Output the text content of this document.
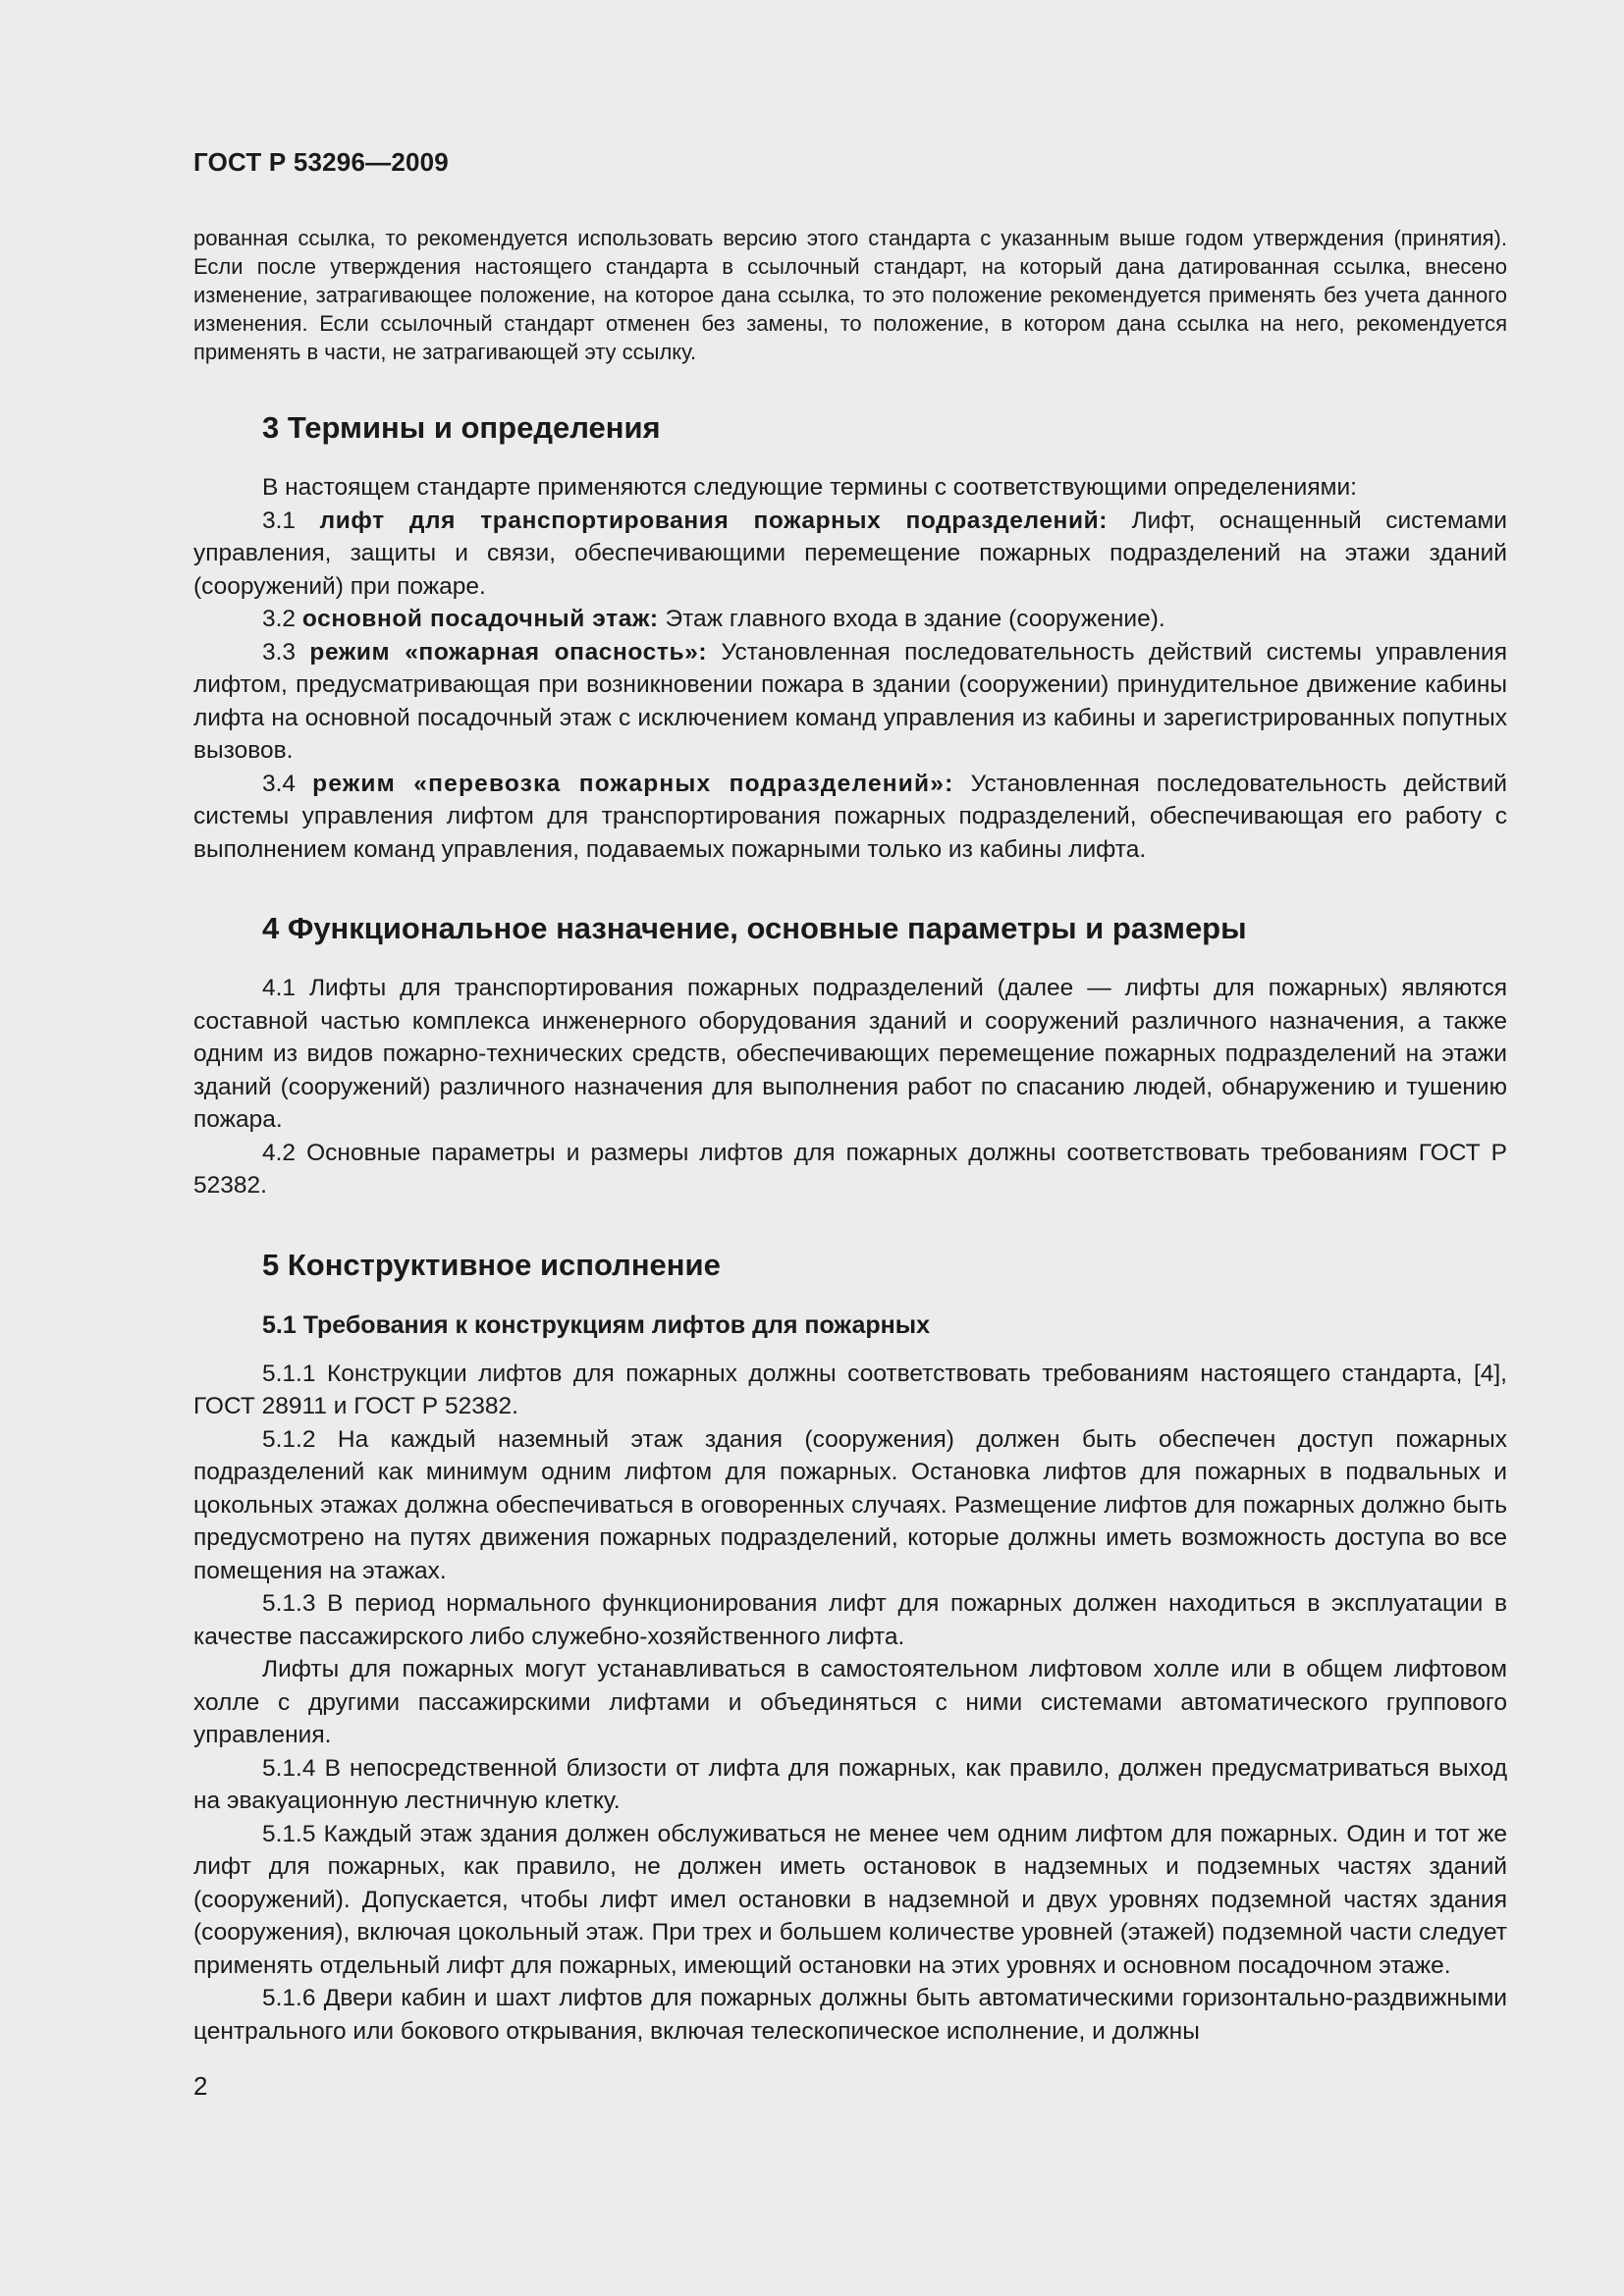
ГОСТ Р 53296—2009

рованная ссылка, то рекомендуется использовать версию этого стандарта с указанным выше годом утверждения (принятия). Если после утверждения настоящего стандарта в ссылочный стандарт, на который дана датированная ссылка, внесено изменение, затрагивающее положение, на которое дана ссылка, то это положение рекомендуется применять без учета данного изменения. Если ссылочный стандарт отменен без замены, то положение, в котором дана ссылка на него, рекомендуется применять в части, не затрагивающей эту ссылку.

3 Термины и определения

В настоящем стандарте применяются следующие термины с соответствующими определениями:

3.1 лифт для транспортирования пожарных подразделений: Лифт, оснащенный системами управления, защиты и связи, обеспечивающими перемещение пожарных подразделений на этажи зданий (сооружений) при пожаре.

3.2 основной посадочный этаж: Этаж главного входа в здание (сооружение).

3.3 режим «пожарная опасность»: Установленная последовательность действий системы управления лифтом, предусматривающая при возникновении пожара в здании (сооружении) принудительное движение кабины лифта на основной посадочный этаж с исключением команд управления из кабины и зарегистрированных попутных вызовов.

3.4 режим «перевозка пожарных подразделений»: Установленная последовательность действий системы управления лифтом для транспортирования пожарных подразделений, обеспечивающая его работу с выполнением команд управления, подаваемых пожарными только из кабины лифта.

4 Функциональное назначение, основные параметры и размеры

4.1 Лифты для транспортирования пожарных подразделений (далее — лифты для пожарных) являются составной частью комплекса инженерного оборудования зданий и сооружений различного назначения, а также одним из видов пожарно-технических средств, обеспечивающих перемещение пожарных подразделений на этажи зданий (сооружений) различного назначения для выполнения работ по спасанию людей, обнаружению и тушению пожара.

4.2 Основные параметры и размеры лифтов для пожарных должны соответствовать требованиям ГОСТ Р 52382.

5 Конструктивное исполнение
5.1 Требования к конструкциям лифтов для пожарных

5.1.1 Конструкции лифтов для пожарных должны соответствовать требованиям настоящего стандарта, [4], ГОСТ 28911 и ГОСТ Р 52382.

5.1.2 На каждый наземный этаж здания (сооружения) должен быть обеспечен доступ пожарных подразделений как минимум одним лифтом для пожарных. Остановка лифтов для пожарных в подвальных и цокольных этажах должна обеспечиваться в оговоренных случаях. Размещение лифтов для пожарных должно быть предусмотрено на путях движения пожарных подразделений, которые должны иметь возможность доступа во все помещения на этажах.

5.1.3 В период нормального функционирования лифт для пожарных должен находиться в эксплуатации в качестве пассажирского либо служебно-хозяйственного лифта.

Лифты для пожарных могут устанавливаться в самостоятельном лифтовом холле или в общем лифтовом холле с другими пассажирскими лифтами и объединяться с ними системами автоматического группового управления.

5.1.4 В непосредственной близости от лифта для пожарных, как правило, должен предусматриваться выход на эвакуационную лестничную клетку.

5.1.5 Каждый этаж здания должен обслуживаться не менее чем одним лифтом для пожарных. Один и тот же лифт для пожарных, как правило, не должен иметь остановок в надземных и подземных частях зданий (сооружений). Допускается, чтобы лифт имел остановки в надземной и двух уровнях подземной частях здания (сооружения), включая цокольный этаж. При трех и большем количестве уровней (этажей) подземной части следует применять отдельный лифт для пожарных, имеющий остановки на этих уровнях и основном посадочном этаже.

5.1.6 Двери кабин и шахт лифтов для пожарных должны быть автоматическими горизонтально-раздвижными центрального или бокового открывания, включая телескопическое исполнение, и должны

2
